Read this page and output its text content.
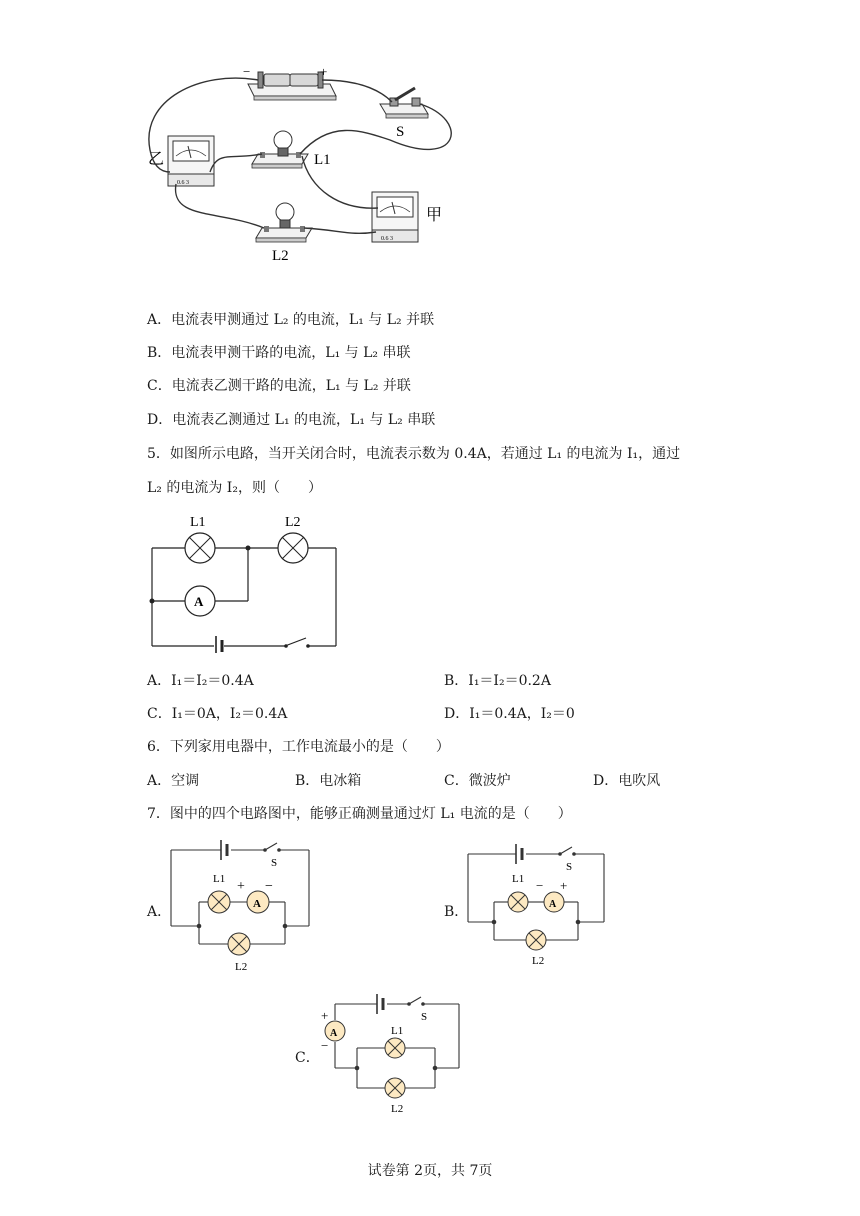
−	+
S
L1
L2
0.6 3
乙
0.6 3
甲
A．电流表甲测通过 L₂ 的电流，L₁ 与 L₂ 并联
B．电流表甲测干路的电流，L₁ 与 L₂ 串联
C．电流表乙测干路的电流，L₁ 与 L₂ 并联
D．电流表乙测通过 L₁ 的电流，L₁ 与 L₂ 串联
5．如图所示电路，当开关闭合时，电流表示数为 0.4A，若通过 L₁ 的电流为 I₁，通过
L₂ 的电流为 I₂，则（　　）
L1	L2
A
A．I₁＝I₂＝0.4A	B．I₁＝I₂＝0.2A
C．I₁＝0A，I₂＝0.4A	D．I₁＝0.4A，I₂＝0
6．下列家用电器中，工作电流最小的是（　　）
A．空调	B．电冰箱	C．微波炉	D．电吹风
7．图中的四个电路图中，能够正确测量通过灯 L₁ 电流的是（　　）
A．	B．
C．
A
S
L1 + −
L2
A
S
L1 − +
L2
A
+
−
S
L1
L2
试卷第 2页，共 7页
